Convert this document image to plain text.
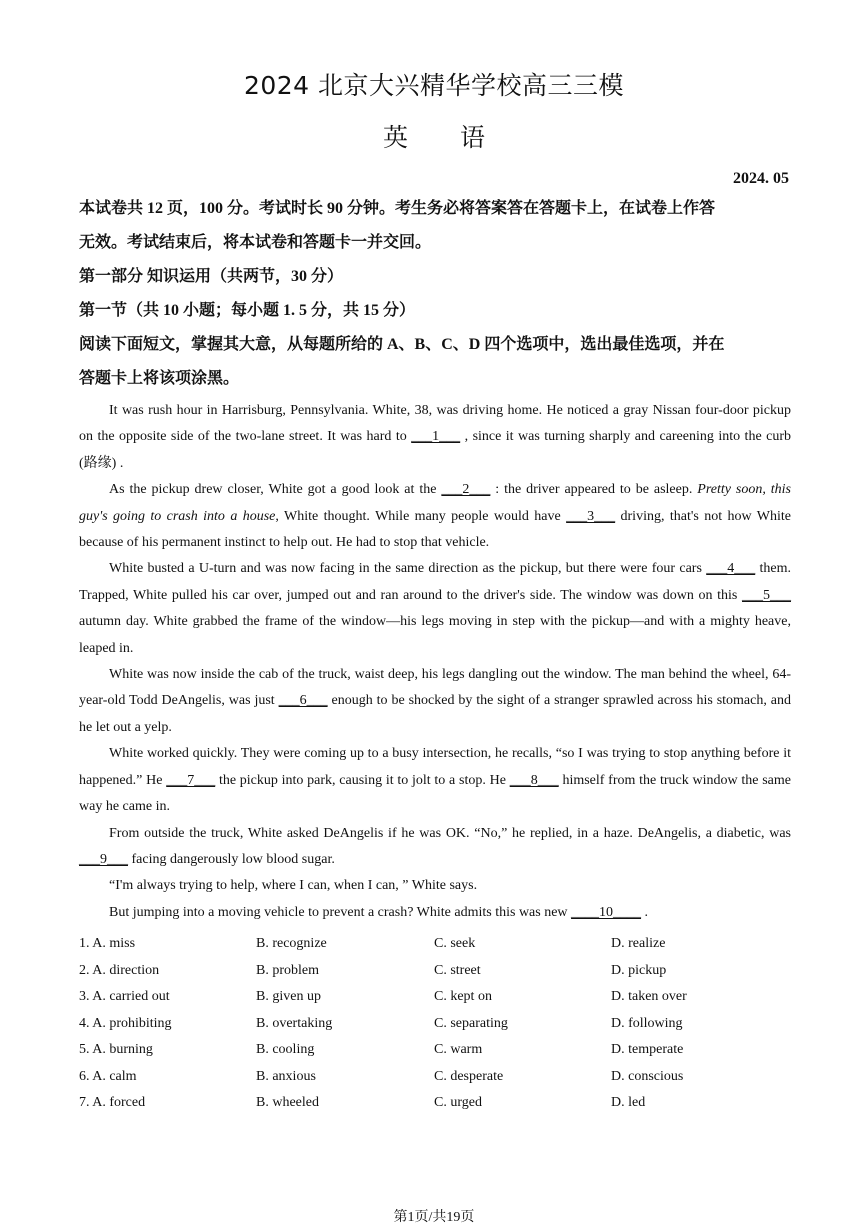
2024 北京大兴精华学校高三三模
英 语
2024. 05

本试卷共 12 页，100 分。考试时长 90 分钟。考生务必将答案答在答题卡上，在试卷上作答

无效。考试结束后，将本试卷和答题卡一并交回。

第一部分 知识运用（共两节，30 分）

第一节（共 10 小题；每小题 1. 5 分，共 15 分）

阅读下面短文，掌握其大意，从每题所给的 A、B、C、D 四个选项中，选出最佳选项，并在

答题卡上将该项涂黑。

It was rush hour in Harrisburg, Pennsylvania. White, 38, was driving home. He noticed a gray Nissan four-door pickup on the opposite side of the two-lane street. It was hard to ___1___ , since it was turning sharply and careening into the curb (路缘) .

As the pickup drew closer, White got a good look at the ___2___ : the driver appeared to be asleep. Pretty soon, this guy's going to crash into a house, White thought. While many people would have ___3___ driving, that's not how White because of his permanent instinct to help out. He had to stop that vehicle.

White busted a U-turn and was now facing in the same direction as the pickup, but there were four cars ___4___ them. Trapped, White pulled his car over, jumped out and ran around to the driver's side. The window was down on this ___5___ autumn day. White grabbed the frame of the window—his legs moving in step with the pickup—and with a mighty heave, leaped in.

White was now inside the cab of the truck, waist deep, his legs dangling out the window. The man behind the wheel, 64-year-old Todd DeAngelis, was just ___6___ enough to be shocked by the sight of a stranger sprawled across his stomach, and he let out a yelp.

White worked quickly. They were coming up to a busy intersection, he recalls, “so I was trying to stop anything before it happened.” He ___7___ the pickup into park, causing it to jolt to a stop. He ___8___ himself from the truck window the same way he came in.

From outside the truck, White asked DeAngelis if he was OK. “No,” he replied, in a haze. DeAngelis, a diabetic, was ___9___ facing dangerously low blood sugar.

“I'm always trying to help, where I can, when I can, ” White says.

But jumping into a moving vehicle to prevent a crash? White admits this was new ____10____ .

1. A. miss	B. recognize	C. seek	D. realize
2. A. direction	B. problem	C. street	D. pickup
3. A. carried out	B. given up	C. kept on	D. taken over
4. A. prohibiting	B. overtaking	C. separating	D. following
5. A. burning	B. cooling	C. warm	D. temperate
6. A. calm	B. anxious	C. desperate	D. conscious
7. A. forced	B. wheeled	C. urged	D. led
第1页/共19页
